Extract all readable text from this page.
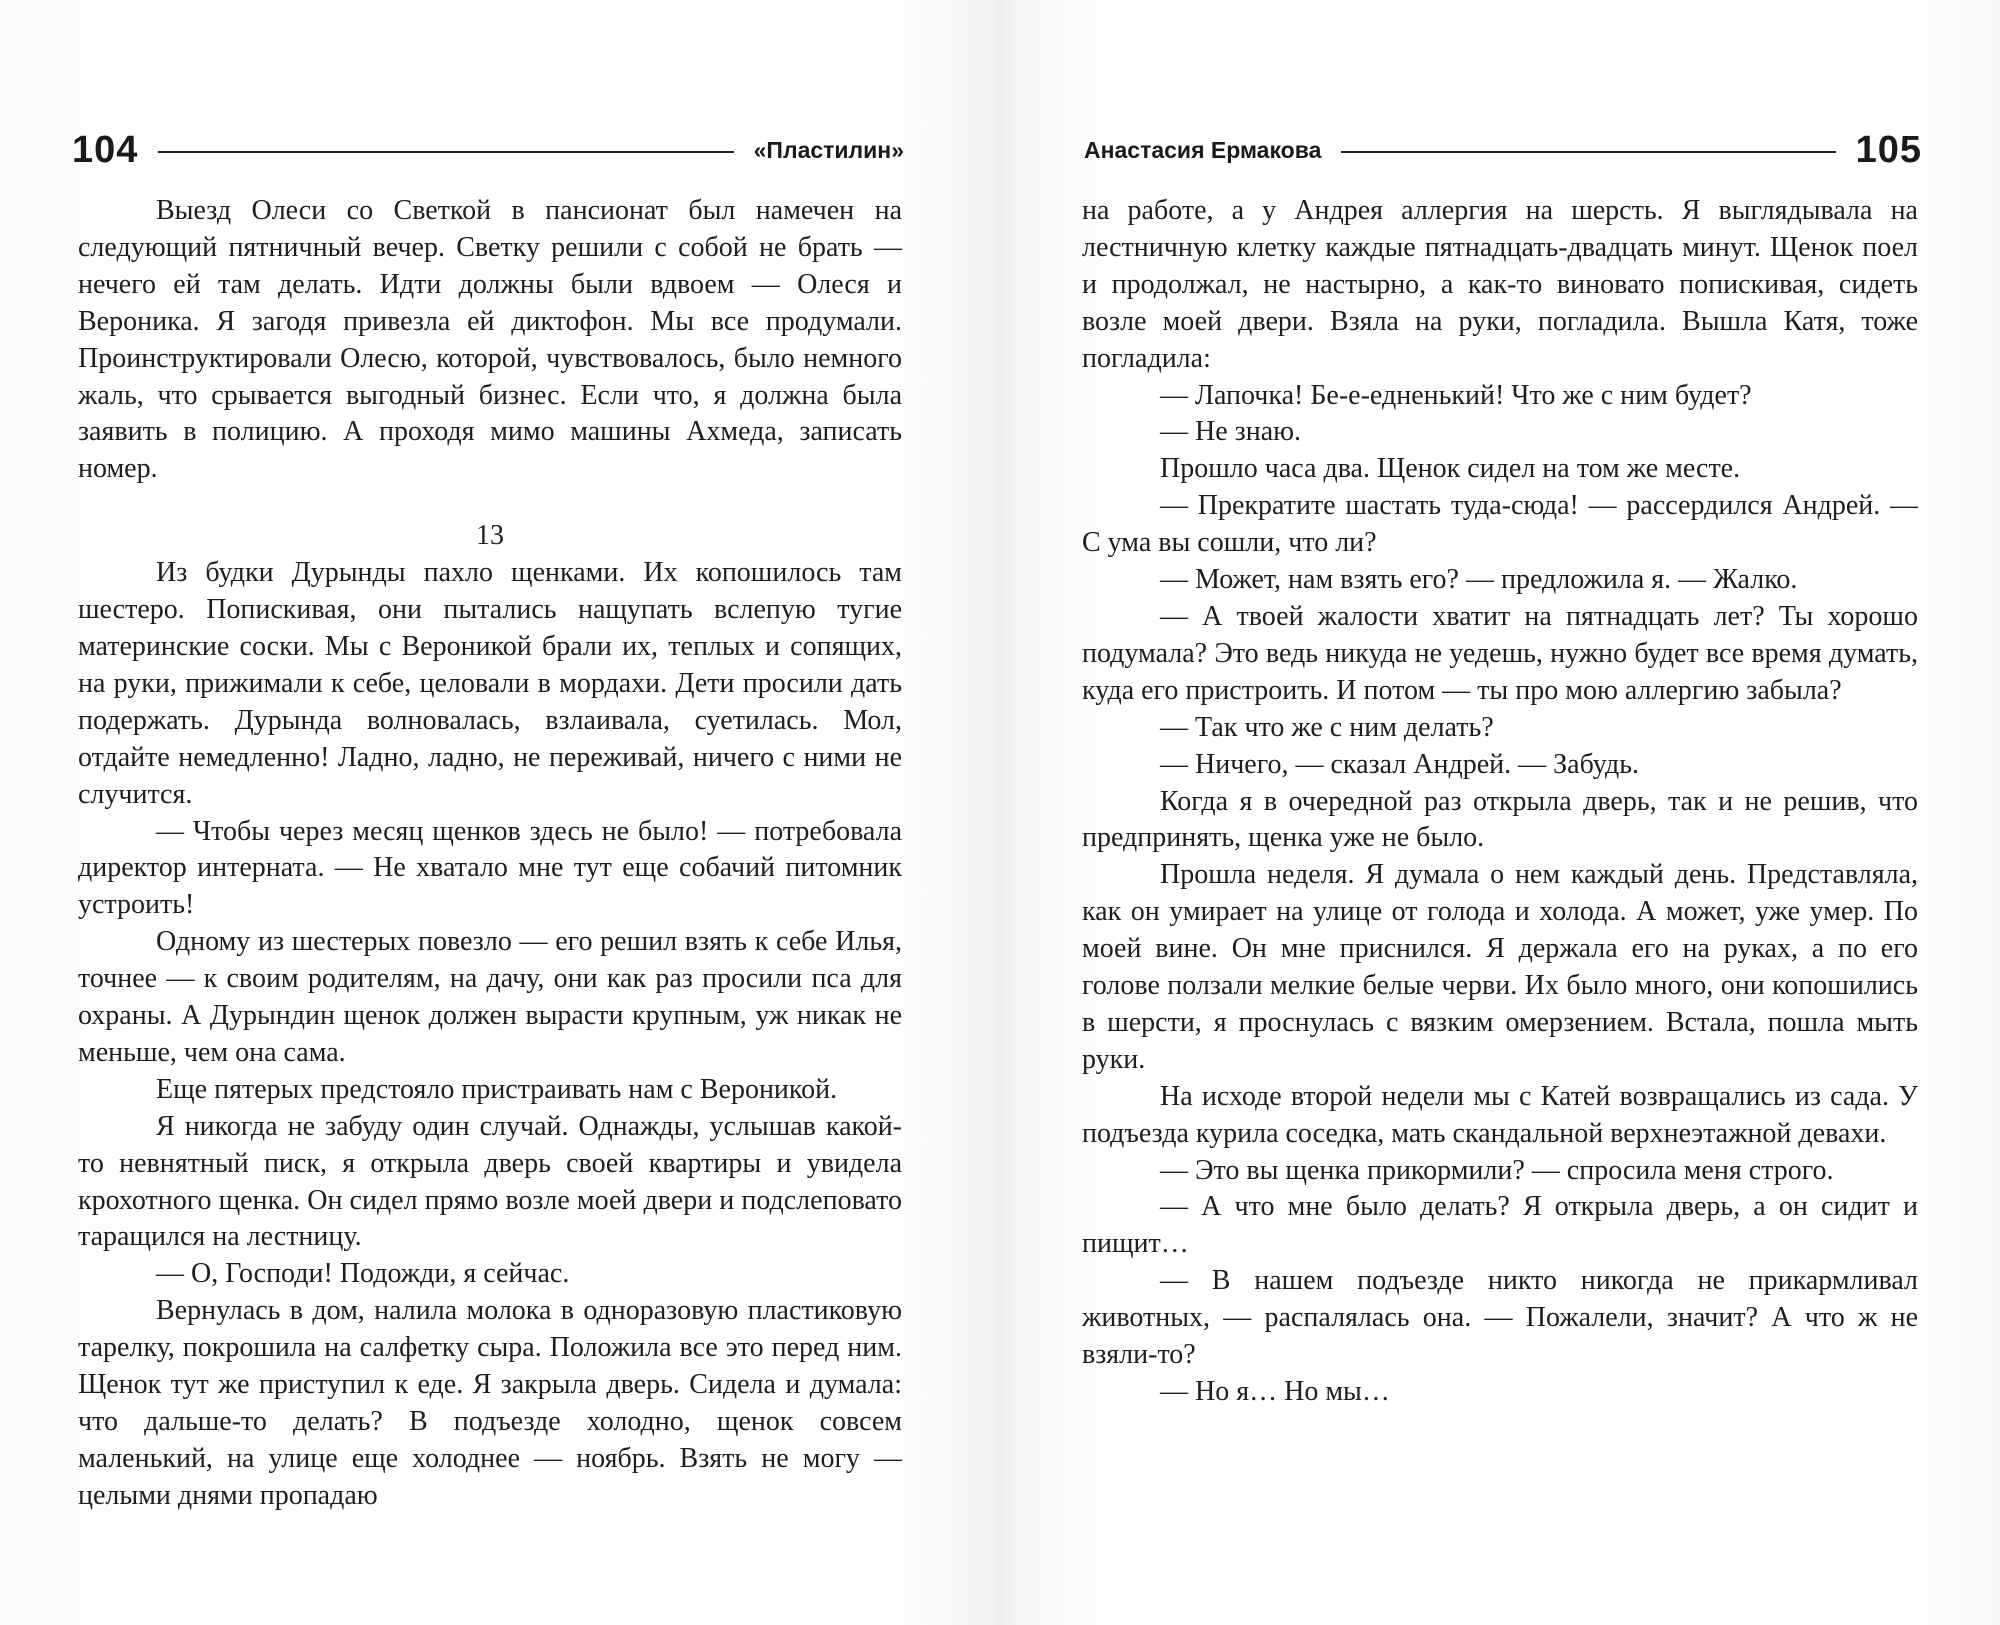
104	«Пластилин»

Выезд Олеси со Светкой в пансионат был намечен на следующий пятничный вечер. Светку решили с собой не брать — нечего ей там делать. Идти должны были вдвоем — Олеся и Вероника. Я загодя привезла ей диктофон. Мы все продумали. Проинструктировали Олесю, которой, чувствовалось, было немного жаль, что срывается выгодный бизнес. Если что, я должна была заявить в полицию. А проходя мимо машины Ахмеда, записать номер.

13

Из будки Дурынды пахло щенками. Их копошилось там шестеро. Попискивая, они пытались нащупать вслепую тугие материнские соски. Мы с Вероникой брали их, теплых и сопящих, на руки, прижимали к себе, целовали в мордахи. Дети просили дать подержать. Дурында волновалась, взлаивала, суетилась. Мол, отдайте немедленно! Ладно, ладно, не переживай, ничего с ними не случится.

— Чтобы через месяц щенков здесь не было! — потребовала директор интерната. — Не хватало мне тут еще собачий питомник устроить!

Одному из шестерых повезло — его решил взять к себе Илья, точнее — к своим родителям, на дачу, они как раз просили пса для охраны. А Дурындин щенок должен вырасти крупным, уж никак не меньше, чем она сама.

Еще пятерых предстояло пристраивать нам с Вероникой.

Я никогда не забуду один случай. Однажды, услышав какой-то невнятный писк, я открыла дверь своей квартиры и увидела крохотного щенка. Он сидел прямо возле моей двери и подслеповато таращился на лестницу.

— О, Господи! Подожди, я сейчас.

Вернулась в дом, налила молока в одноразовую пластиковую тарелку, покрошила на салфетку сыра. Положила все это перед ним. Щенок тут же приступил к еде. Я закрыла дверь. Сидела и думала: что дальше-то делать? В подъезде холодно, щенок совсем маленький, на улице еще холоднее — ноябрь. Взять не могу — целыми днями пропадаю

Анастасия Ермакова	105

на работе, а у Андрея аллергия на шерсть. Я выглядывала на лестничную клетку каждые пятнадцать-двадцать минут. Щенок поел и продолжал, не настырно, а как-то виновато попискивая, сидеть возле моей двери. Взяла на руки, погладила. Вышла Катя, тоже погладила:

— Лапочка! Бе-е-едненький! Что же с ним будет?

— Не знаю.

Прошло часа два. Щенок сидел на том же месте.

— Прекратите шастать туда-сюда! — рассердился Андрей. — С ума вы сошли, что ли?

— Может, нам взять его? — предложила я. — Жалко.

— А твоей жалости хватит на пятнадцать лет? Ты хорошо подумала? Это ведь никуда не уедешь, нужно будет все время думать, куда его пристроить. И потом — ты про мою аллергию забыла?

— Так что же с ним делать?

— Ничего, — сказал Андрей. — Забудь.

Когда я в очередной раз открыла дверь, так и не решив, что предпринять, щенка уже не было.

Прошла неделя. Я думала о нем каждый день. Представляла, как он умирает на улице от голода и холода. А может, уже умер. По моей вине. Он мне приснился. Я держала его на руках, а по его голове ползали мелкие белые черви. Их было много, они копошились в шерсти, я проснулась с вязким омерзением. Встала, пошла мыть руки.

На исходе второй недели мы с Катей возвращались из сада. У подъезда курила соседка, мать скандальной верхнеэтажной девахи.

— Это вы щенка прикормили? — спросила меня строго.

— А что мне было делать? Я открыла дверь, а он сидит и пищит…

— В нашем подъезде никто никогда не прикармливал животных, — распалялась она. — Пожалели, значит? А что ж не взяли-то?

— Но я… Но мы…
